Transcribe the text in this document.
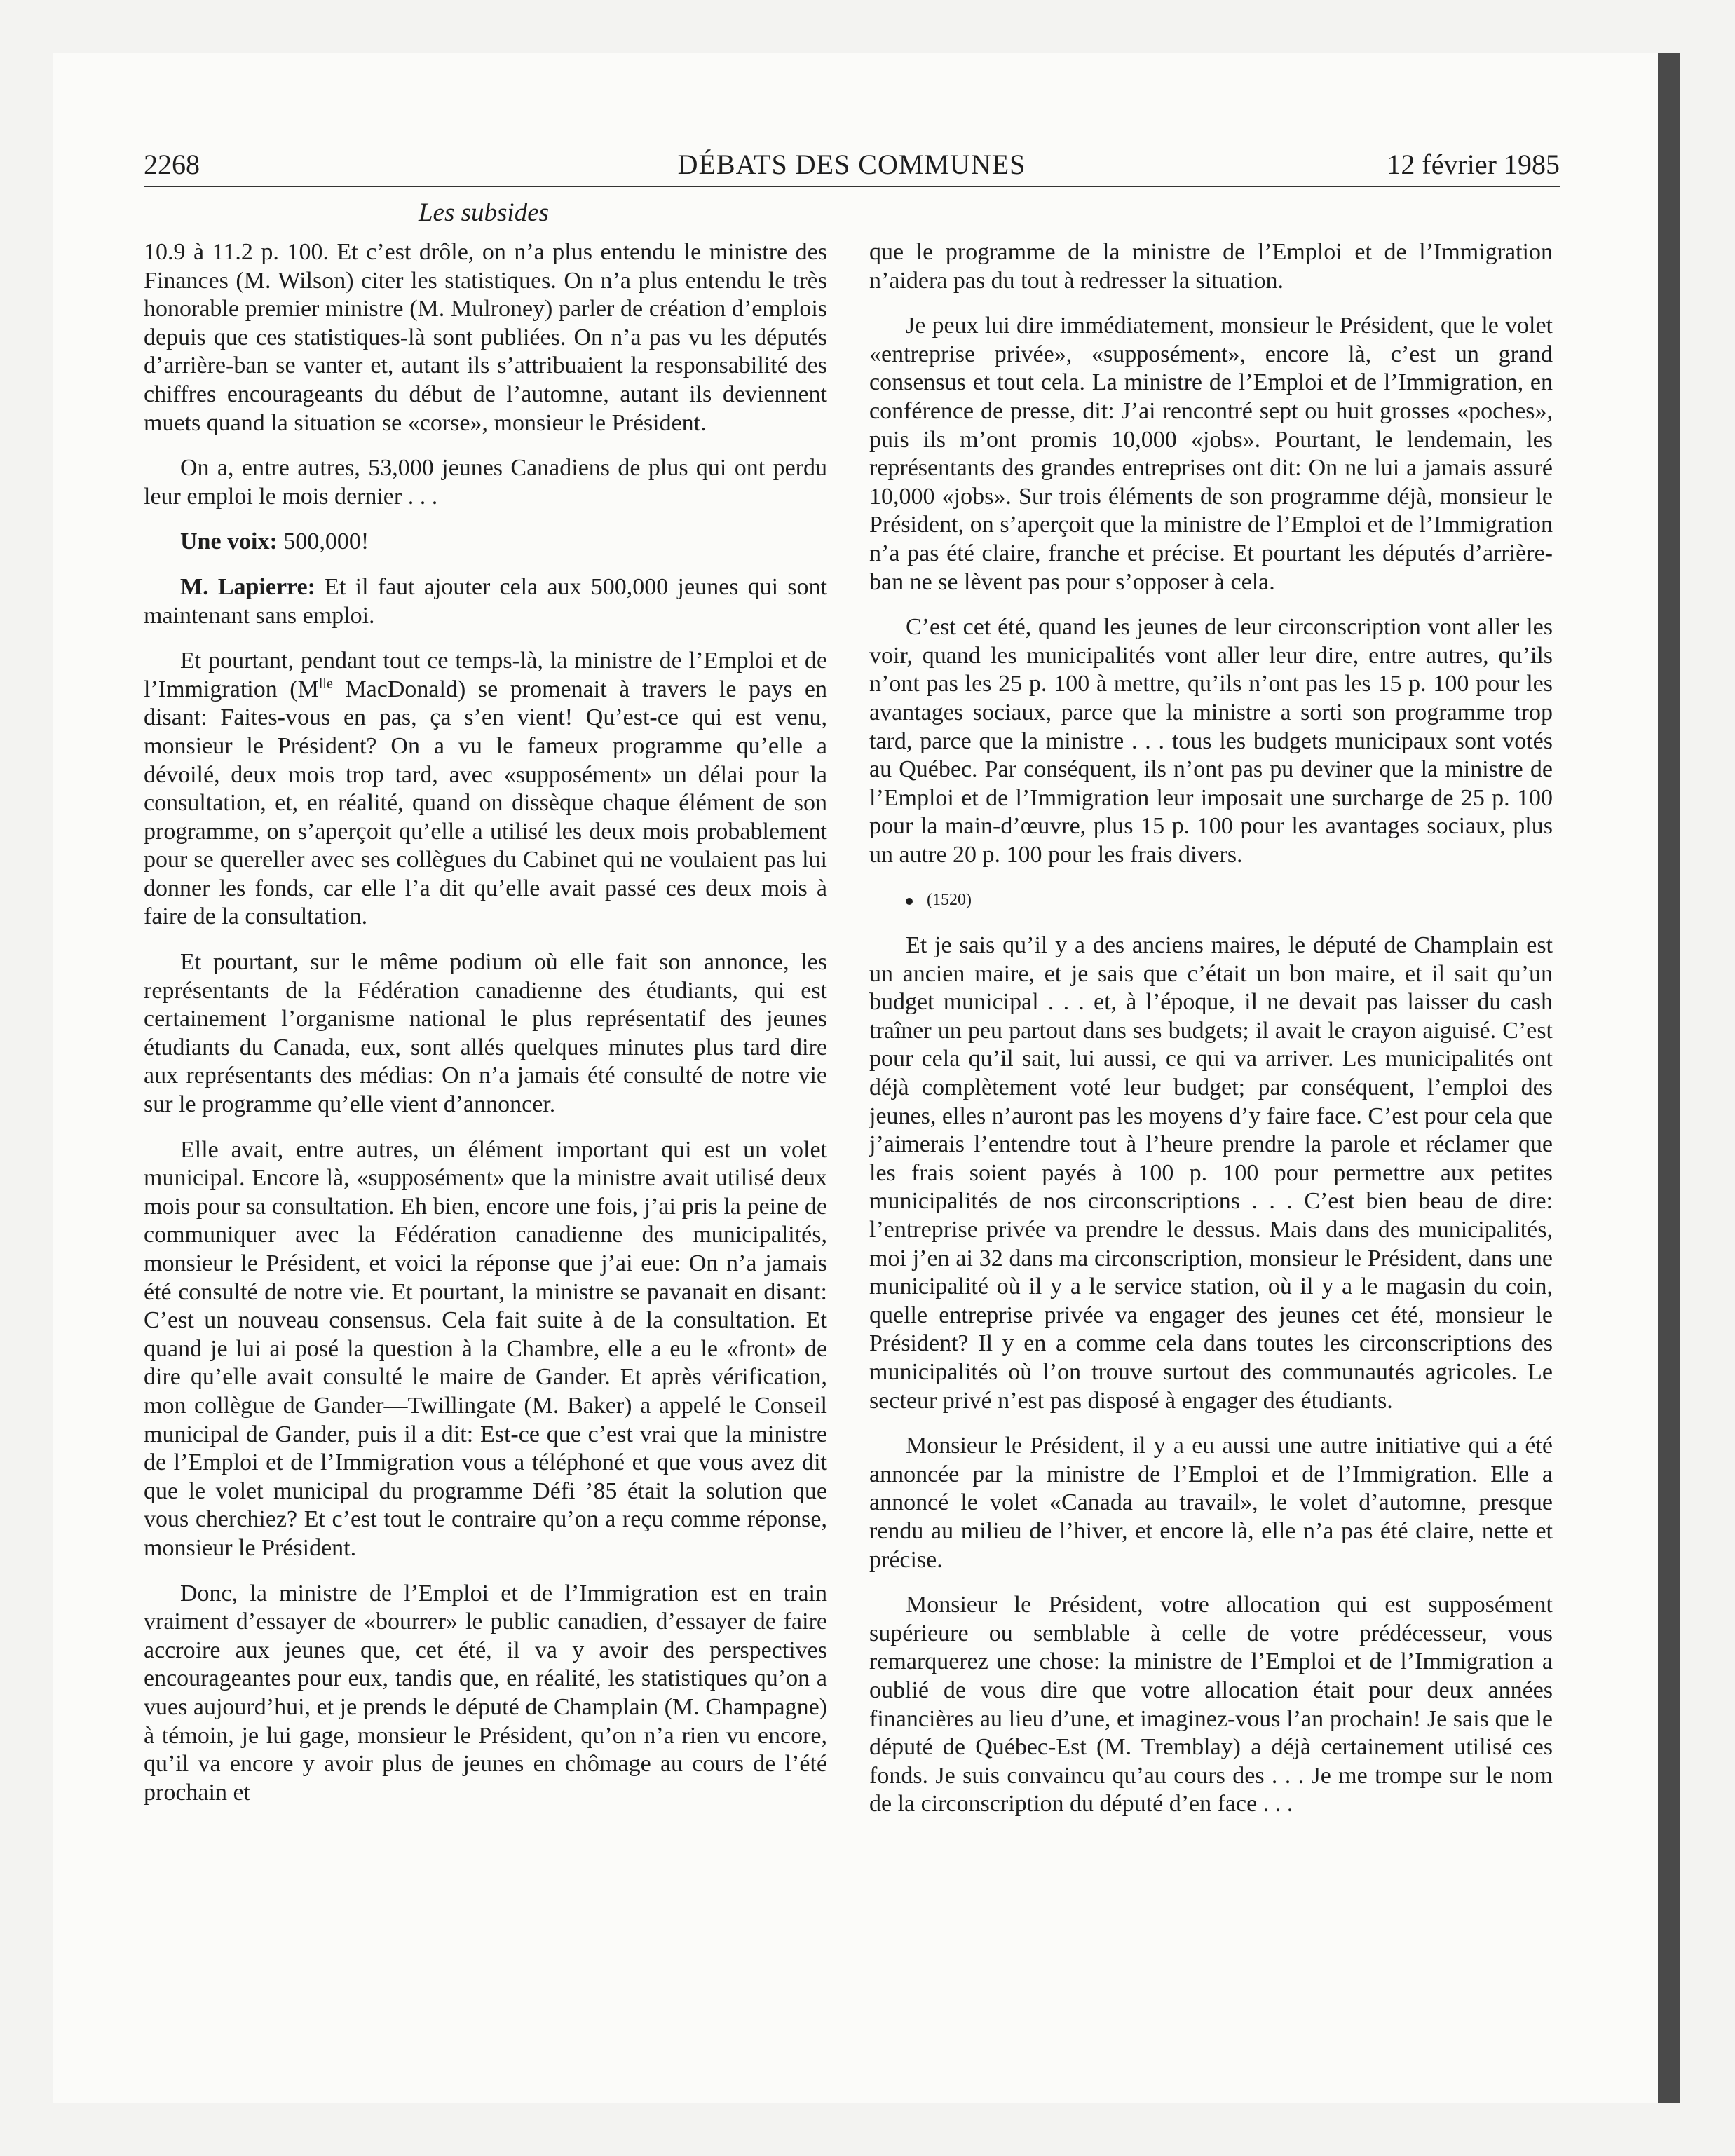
2268	DÉBATS DES COMMUNES	12 février 1985
Les subsides

10.9 à 11.2 p. 100. Et c’est drôle, on n’a plus entendu le ministre des Finances (M. Wilson) citer les statistiques. On n’a plus entendu le très honorable premier ministre (M. Mulroney) parler de création d’emplois depuis que ces statistiques-là sont publiées. On n’a pas vu les députés d’arrière-ban se vanter et, autant ils s’attribuaient la responsabilité des chiffres encourageants du début de l’automne, autant ils deviennent muets quand la situation se «corse», monsieur le Président.

On a, entre autres, 53,000 jeunes Canadiens de plus qui ont perdu leur emploi le mois dernier . . .

Une voix: 500,000!

M. Lapierre: Et il faut ajouter cela aux 500,000 jeunes qui sont maintenant sans emploi.

Et pourtant, pendant tout ce temps-là, la ministre de l’Emploi et de l’Immigration ($M^{lle}$ MacDonald) se promenait à travers le pays en disant: Faites-vous en pas, ça s’en vient! Qu’est-ce qui est venu, monsieur le Président? On a vu le fameux programme qu’elle a dévoilé, deux mois trop tard, avec «supposément» un délai pour la consultation, et, en réalité, quand on dissèque chaque élément de son programme, on s’aperçoit qu’elle a utilisé les deux mois probablement pour se quereller avec ses collègues du Cabinet qui ne voulaient pas lui donner les fonds, car elle l’a dit qu’elle avait passé ces deux mois à faire de la consultation.

Et pourtant, sur le même podium où elle fait son annonce, les représentants de la Fédération canadienne des étudiants, qui est certainement l’organisme national le plus représentatif des jeunes étudiants du Canada, eux, sont allés quelques minutes plus tard dire aux représentants des médias: On n’a jamais été consulté de notre vie sur le programme qu’elle vient d’annoncer.

Elle avait, entre autres, un élément important qui est un volet municipal. Encore là, «supposément» que la ministre avait utilisé deux mois pour sa consultation. Eh bien, encore une fois, j’ai pris la peine de communiquer avec la Fédération canadienne des municipalités, monsieur le Président, et voici la réponse que j’ai eue: On n’a jamais été consulté de notre vie. Et pourtant, la ministre se pavanait en disant: C’est un nouveau consensus. Cela fait suite à de la consultation. Et quand je lui ai posé la question à la Chambre, elle a eu le «front» de dire qu’elle avait consulté le maire de Gander. Et après vérification, mon collègue de Gander—Twillingate (M. Baker) a appelé le Conseil municipal de Gander, puis il a dit: Est-ce que c’est vrai que la ministre de l’Emploi et de l’Immigration vous a téléphoné et que vous avez dit que le volet municipal du programme Défi ’85 était la solution que vous cherchiez? Et c’est tout le contraire qu’on a reçu comme réponse, monsieur le Président.

Donc, la ministre de l’Emploi et de l’Immigration est en train vraiment d’essayer de «bourrer» le public canadien, d’essayer de faire accroire aux jeunes que, cet été, il va y avoir des perspectives encourageantes pour eux, tandis que, en réalité, les statistiques qu’on a vues aujourd’hui, et je prends le député de Champlain (M. Champagne) à témoin, je lui gage, monsieur le Président, qu’on n’a rien vu encore, qu’il va encore y avoir plus de jeunes en chômage au cours de l’été prochain et

que le programme de la ministre de l’Emploi et de l’Immigration n’aidera pas du tout à redresser la situation.

Je peux lui dire immédiatement, monsieur le Président, que le volet «entreprise privée», «supposément», encore là, c’est un grand consensus et tout cela. La ministre de l’Emploi et de l’Immigration, en conférence de presse, dit: J’ai rencontré sept ou huit grosses «poches», puis ils m’ont promis 10,000 «jobs». Pourtant, le lendemain, les représentants des grandes entreprises ont dit: On ne lui a jamais assuré 10,000 «jobs». Sur trois éléments de son programme déjà, monsieur le Président, on s’aperçoit que la ministre de l’Emploi et de l’Immigration n’a pas été claire, franche et précise. Et pourtant les députés d’arrière-ban ne se lèvent pas pour s’opposer à cela.

C’est cet été, quand les jeunes de leur circonscription vont aller les voir, quand les municipalités vont aller leur dire, entre autres, qu’ils n’ont pas les 25 p. 100 à mettre, qu’ils n’ont pas les 15 p. 100 pour les avantages sociaux, parce que la ministre a sorti son programme trop tard, parce que la ministre . . . tous les budgets municipaux sont votés au Québec. Par conséquent, ils n’ont pas pu deviner que la ministre de l’Emploi et de l’Immigration leur imposait une surcharge de 25 p. 100 pour la main-d’œuvre, plus 15 p. 100 pour les avantages sociaux, plus un autre 20 p. 100 pour les frais divers.

(1520)

Et je sais qu’il y a des anciens maires, le député de Champlain est un ancien maire, et je sais que c’était un bon maire, et il sait qu’un budget municipal . . . et, à l’époque, il ne devait pas laisser du cash traîner un peu partout dans ses budgets; il avait le crayon aiguisé. C’est pour cela qu’il sait, lui aussi, ce qui va arriver. Les municipalités ont déjà complètement voté leur budget; par conséquent, l’emploi des jeunes, elles n’auront pas les moyens d’y faire face. C’est pour cela que j’aimerais l’entendre tout à l’heure prendre la parole et réclamer que les frais soient payés à 100 p. 100 pour permettre aux petites municipalités de nos circonscriptions . . . C’est bien beau de dire: l’entreprise privée va prendre le dessus. Mais dans des municipalités, moi j’en ai 32 dans ma circonscription, monsieur le Président, dans une municipalité où il y a le service station, où il y a le magasin du coin, quelle entreprise privée va engager des jeunes cet été, monsieur le Président? Il y en a comme cela dans toutes les circonscriptions des municipalités où l’on trouve surtout des communautés agricoles. Le secteur privé n’est pas disposé à engager des étudiants.

Monsieur le Président, il y a eu aussi une autre initiative qui a été annoncée par la ministre de l’Emploi et de l’Immigration. Elle a annoncé le volet «Canada au travail», le volet d’automne, presque rendu au milieu de l’hiver, et encore là, elle n’a pas été claire, nette et précise.

Monsieur le Président, votre allocation qui est supposément supérieure ou semblable à celle de votre prédécesseur, vous remarquerez une chose: la ministre de l’Emploi et de l’Immigration a oublié de vous dire que votre allocation était pour deux années financières au lieu d’une, et imaginez-vous l’an prochain! Je sais que le député de Québec-Est (M. Tremblay) a déjà certainement utilisé ces fonds. Je suis convaincu qu’au cours des . . . Je me trompe sur le nom de la circonscription du député d’en face . . .
